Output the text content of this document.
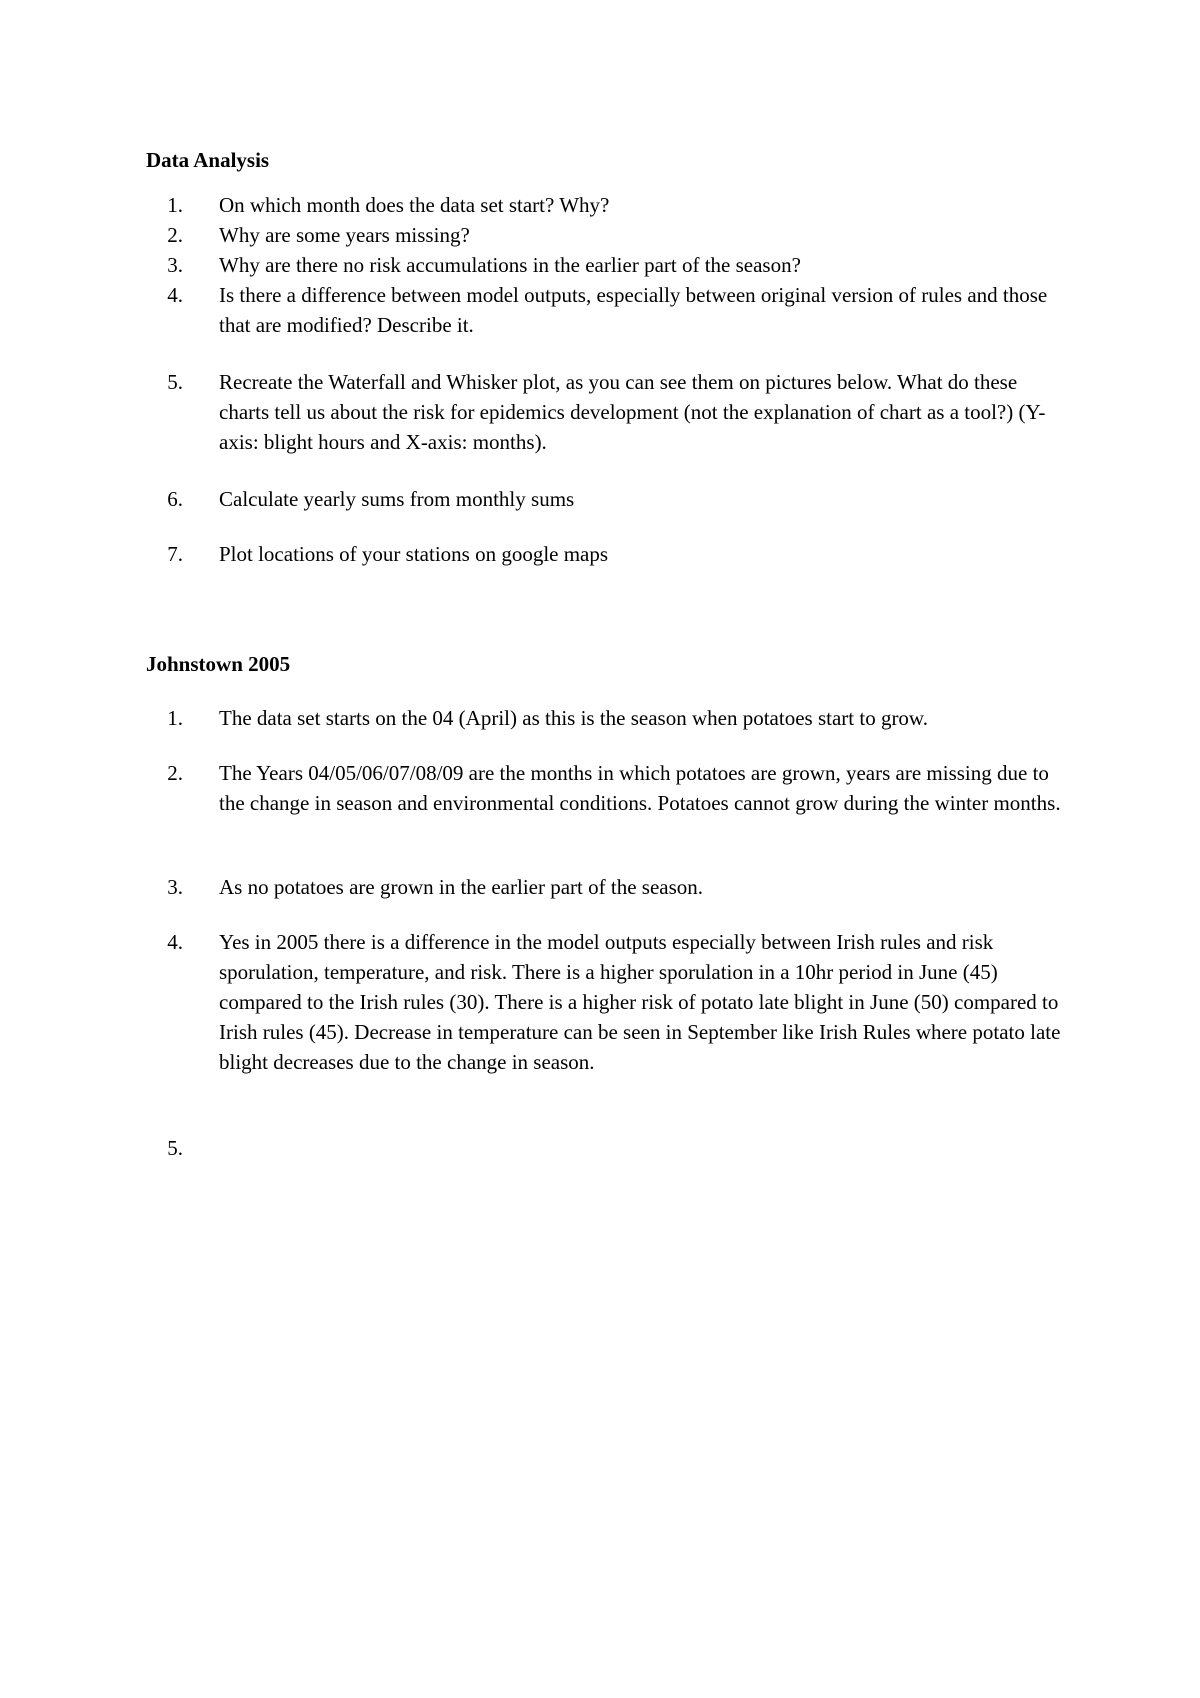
Data Analysis
1. On which month does the data set start? Why?
2. Why are some years missing?
3. Why are there no risk accumulations in the earlier part of the season?
4. Is there a difference between model outputs, especially between original version of rules and those that are modified? Describe it.
5. Recreate the Waterfall and Whisker plot, as you can see them on pictures below. What do these charts tell us about the risk for epidemics development (not the explanation of chart as a tool?) (Y-axis: blight hours and X-axis: months).
6. Calculate yearly sums from monthly sums
7. Plot locations of your stations on google maps
Johnstown 2005
1. The data set starts on the 04 (April) as this is the season when potatoes start to grow.
2. The Years 04/05/06/07/08/09 are the months in which potatoes are grown, years are missing due to the change in season and environmental conditions. Potatoes cannot grow during the winter months.
3. As no potatoes are grown in the earlier part of the season.
4. Yes in 2005 there is a difference in the model outputs especially between Irish rules and risk sporulation, temperature, and risk. There is a higher sporulation in a 10hr period in June (45) compared to the Irish rules (30). There is a higher risk of potato late blight in June (50) compared to Irish rules (45). Decrease in temperature can be seen in September like Irish Rules where potato late blight decreases due to the change in season.
5.
